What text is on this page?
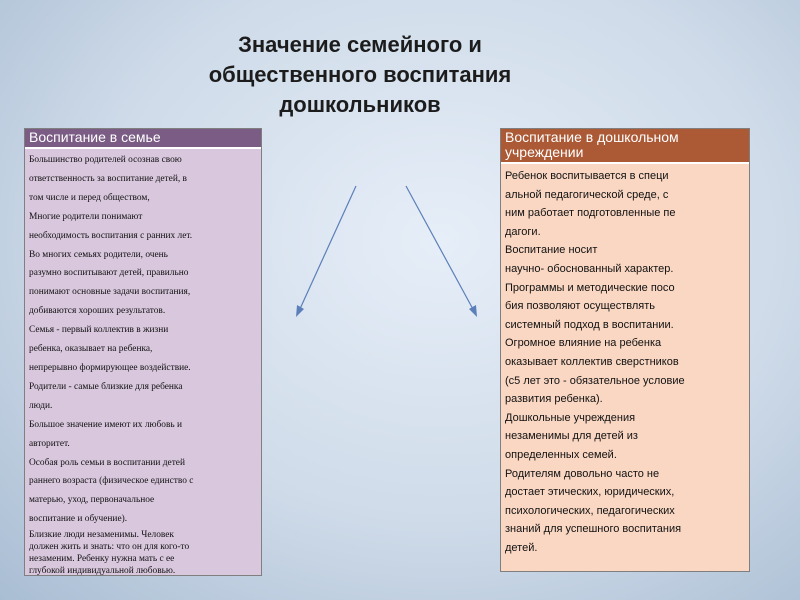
Значение семейного и
общественного воспитания
дошкольников
Воспитание в семье
Большинство родителей осознав свою
ответственность за воспитание детей, в
том числе и перед обществом,
Многие родители понимают
необходимость воспитания с ранних лет.
Во многих семьях родители, очень
разумно воспитывают детей, правильно
понимают основные задачи воспитания,
добиваются хороших результатов.
Семья - первый коллектив в жизни
ребенка, оказывает на ребенка,
непрерывно формирующее воздействие.
Родители - самые близкие для ребенка
люди.
Большое значение имеют их любовь и
авторитет.
Особая роль семьи в воспитании детей
раннего возраста (физическое единство с
матерью, уход, первоначальное
воспитание и обучение).
Близкие люди незаменимы. Человек
должен жить и знать: что он для кого-то
незаменим. Ребенку нужна мать с ее
глубокой индивидуальной любовью.
Воспитание в дошкольном
учреждении
Ребенок воспитывается в специ
альной педагогической среде, с
ним работает подготовленные пе
дагоги.
Воспитание носит
научно- обоснованный характер.
Программы и методические посо
бия позволяют осуществлять
системный подход в воспитании.
Огромное влияние на ребенка
оказывает коллектив сверстников
(с5 лет это - обязательное условие
развития ребенка).
Дошкольные учреждения
незаменимы для детей из
определенных семей.
Родителям довольно часто не
достает этических, юридических,
психологических, педагогических
знаний для успешного воспитания
детей.
